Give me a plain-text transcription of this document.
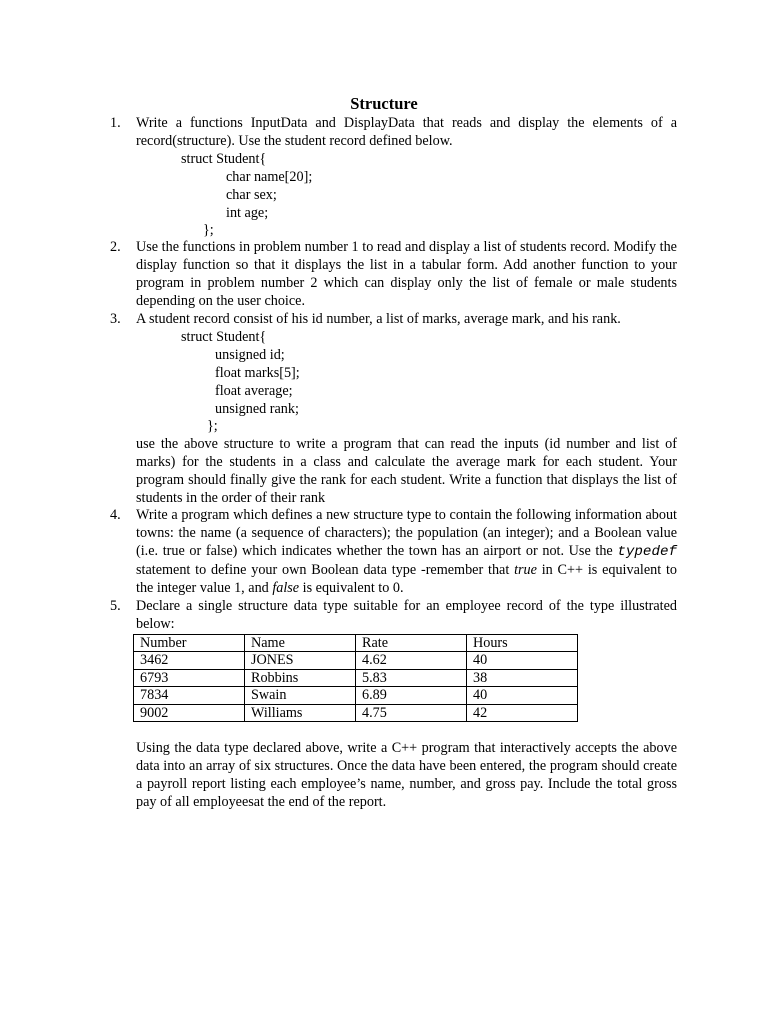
Structure
1.	Write a functions InputData and DisplayData that reads and display the elements of a record(structure). Use the student record defined below.
struct Student{
char name[20];
char sex;
int age;
};
2.	Use the functions in problem number 1 to read and display a list of students record. Modify the display function so that it displays the list in a tabular form. Add another function to your program in problem number 2 which can display only the list of female or male students depending on the user choice.
3.	A student record consist of his id number, a list of marks, average mark, and his rank.
struct Student{
unsigned id;
float marks[5];
float average;
unsigned rank;
};
use the above structure to write a program that can read the inputs (id number and list of marks) for the students in a class and calculate the average mark for each student. Your program should finally give the rank for each student. Write a function that displays the list of students in the order of their rank
4.	Write a program which defines a new structure type to contain the following information about towns: the name (a sequence of characters); the population (an integer); and a Boolean value (i.e. true or false) which indicates whether the town has an airport or not. Use the typedef statement to define your own Boolean data type -remember that true in C++ is equivalent to the integer value 1, and false is equivalent to 0.
5.	Declare a single structure data type suitable for an employee record of the type illustrated below:
Number	Name	Rate	Hours
3462	JONES	4.62	40
6793	Robbins	5.83	38
7834	Swain	6.89	40
9002	Williams	4.75	42
Using the data type declared above, write a C++ program that interactively accepts the above data into an array of six structures. Once the data have been entered, the program should create a payroll report listing each employee’s name, number, and gross pay. Include the total gross pay of all employeesat the end of the report.
